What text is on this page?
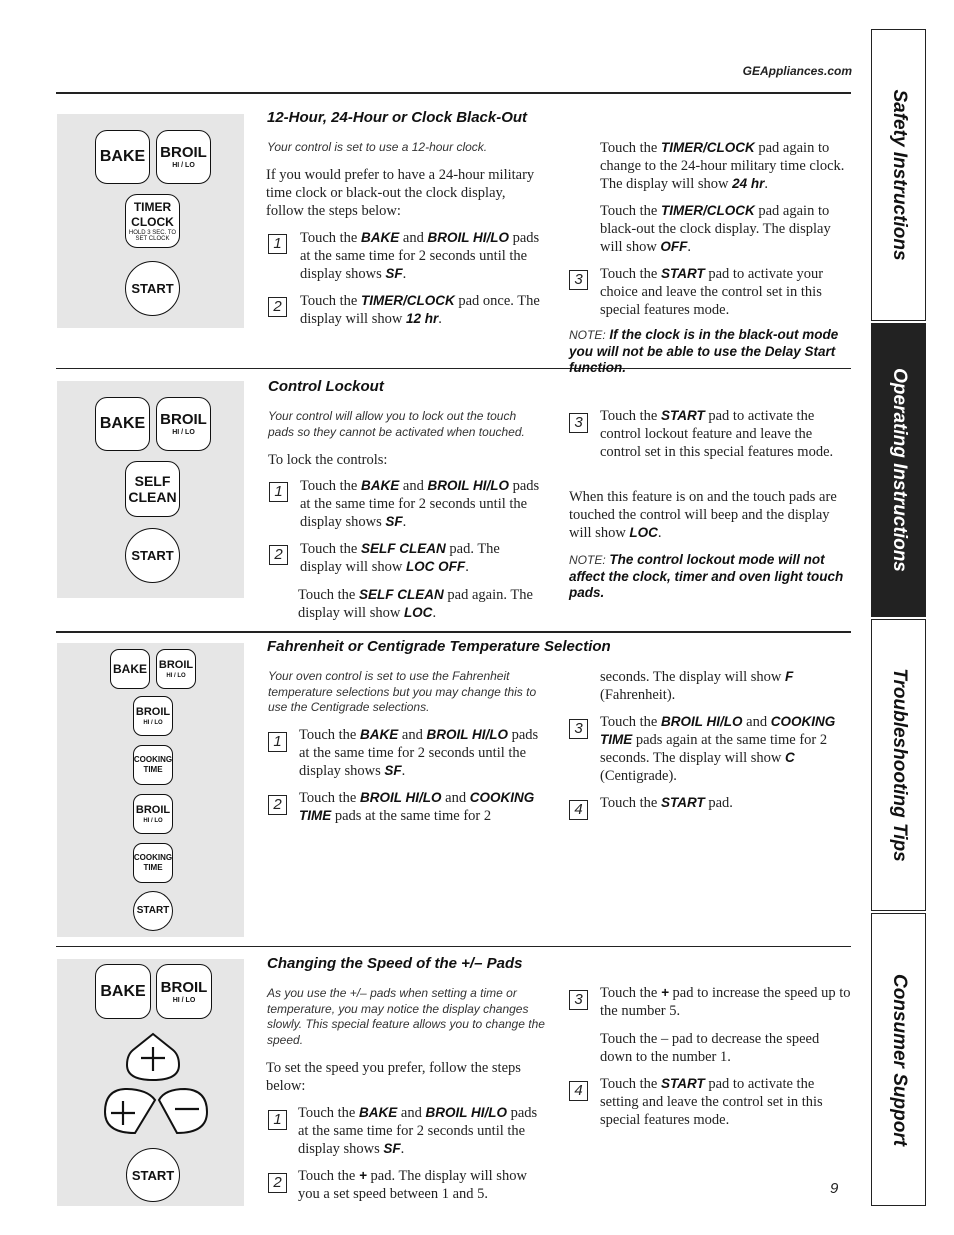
GEAppliances.com
Safety Instructions
Operating Instructions
Troubleshooting Tips
Consumer Support
BAKE BROIL
HI / LO
TIMER
CLOCK
HOLD 3 SEC. TO SET CLOCK
START
12-Hour, 24-Hour or Clock Black-Out
Your control is set to use a 12-hour clock.
If you would prefer to have a 24-hour military time clock or black-out the clock display, follow the steps below:
1	Touch the BAKE and BROIL HI/LO pads at the same time for 2 seconds until the display shows SF.
2	Touch the TIMER/CLOCK pad once. The display will show 12 hr.
Touch the TIMER/CLOCK pad again to change to the 24-hour military time clock. The display will show 24 hr.
Touch the TIMER/CLOCK pad again to black-out the clock display. The display will show OFF.
3	Touch the START pad to activate your choice and leave the control set in this special features mode.
NOTE: If the clock is in the black-out mode you will not be able to use the Delay Start function.
BAKE BROIL
HI / LO
SELF
CLEAN
START
Control Lockout
Your control will allow you to lock out the touch pads so they cannot be activated when touched.
To lock the controls:
1	Touch the BAKE and BROIL HI/LO pads at the same time for 2 seconds until the display shows SF.
2	Touch the SELF CLEAN pad. The display will show LOC OFF.
Touch the SELF CLEAN pad again. The display will show LOC.
3	Touch the START pad to activate the control lockout feature and leave the control set in this special features mode.
When this feature is on and the touch pads are touched the control will beep and the display will show LOC.
NOTE: The control lockout mode will not affect the clock, timer and oven light touch pads.
BAKE BROIL
HI / LO
BROIL
HI / LO
COOKING
TIME
BROIL
HI / LO
COOKING
TIME
START
Fahrenheit or Centigrade Temperature Selection
Your oven control is set to use the Fahrenheit temperature selections but you may change this to use the Centigrade selections.
1	Touch the BAKE and BROIL HI/LO pads at the same time for 2 seconds until the display shows SF.
2	Touch the BROIL HI/LO and COOKING TIME pads at the same time for 2
seconds. The display will show F (Fahrenheit).
3	Touch the BROIL HI/LO and COOKING TIME pads again at the same time for 2 seconds. The display will show C (Centigrade).
4	Touch the START pad.
BAKE BROIL
HI / LO
START
Changing the Speed of the +/– Pads
As you use the +/– pads when setting a time or temperature, you may notice the display changes slowly. This special feature allows you to change the speed.
To set the speed you prefer, follow the steps below:
1	Touch the BAKE and BROIL HI/LO pads at the same time for 2 seconds until the display shows SF.
2	Touch the + pad. The display will show you a set speed between 1 and 5.
3	Touch the + pad to increase the speed up to the number 5.
Touch the – pad to decrease the speed down to the number 1.
4	Touch the START pad to activate the setting and leave the control set in this special features mode.
9
